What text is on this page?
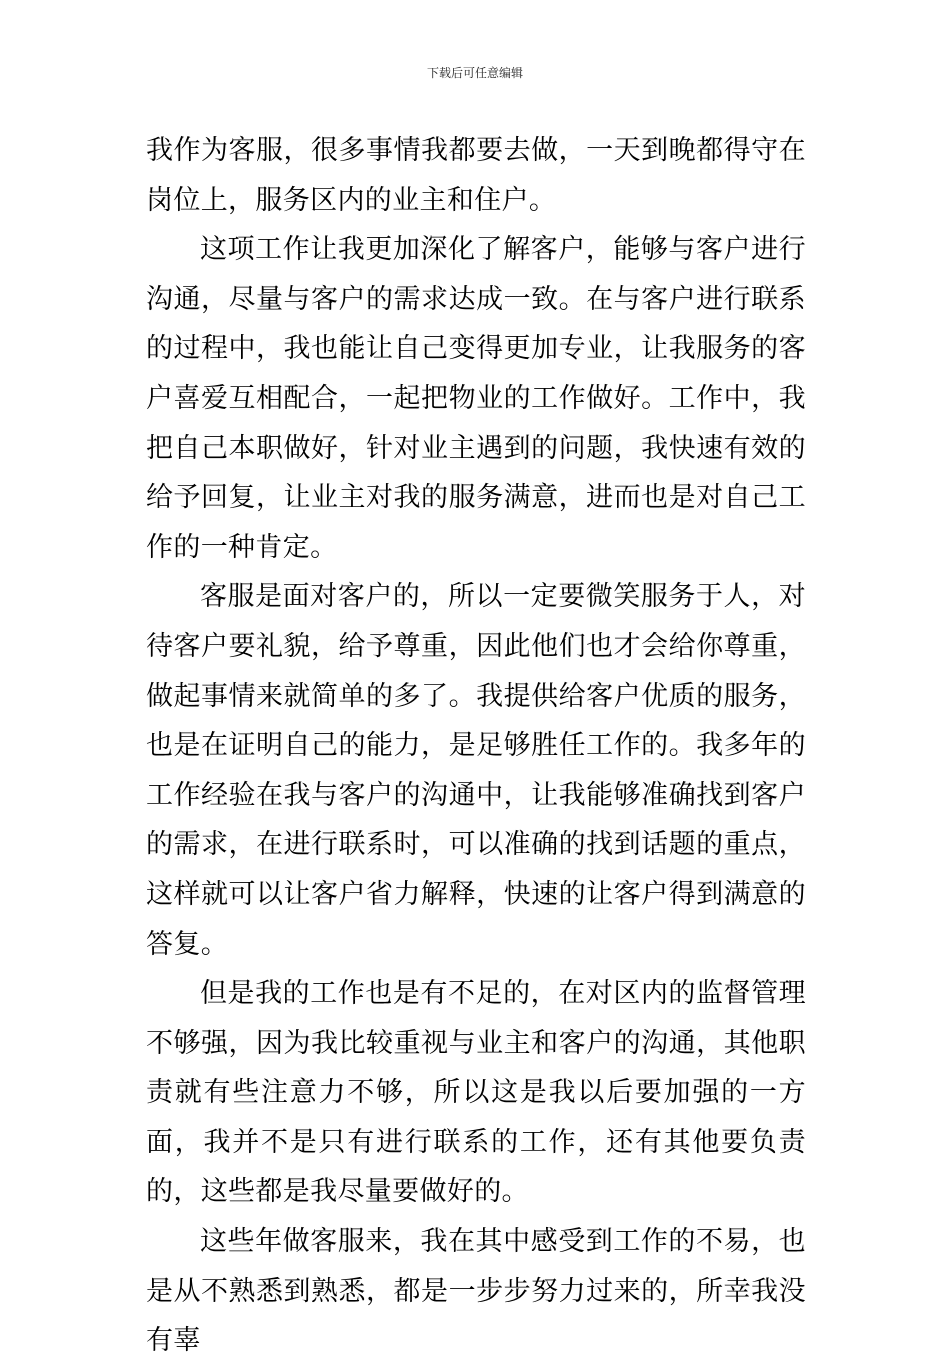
下载后可任意编辑

我作为客服，很多事情我都要去做，一天到晚都得守在岗位上，服务区内的业主和住户。

这项工作让我更加深化了解客户，能够与客户进行沟通，尽量与客户的需求达成一致。在与客户进行联系的过程中，我也能让自己变得更加专业，让我服务的客户喜爱互相配合，一起把物业的工作做好。工作中，我把自己本职做好，针对业主遇到的问题，我快速有效的给予回复，让业主对我的服务满意，进而也是对自己工作的一种肯定。

客服是面对客户的，所以一定要微笑服务于人，对待客户要礼貌，给予尊重，因此他们也才会给你尊重，做起事情来就简单的多了。我提供给客户优质的服务，也是在证明自己的能力，是足够胜任工作的。我多年的工作经验在我与客户的沟通中，让我能够准确找到客户的需求，在进行联系时，可以准确的找到话题的重点，这样就可以让客户省力解释，快速的让客户得到满意的答复。

但是我的工作也是有不足的，在对区内的监督管理不够强，因为我比较重视与业主和客户的沟通，其他职责就有些注意力不够，所以这是我以后要加强的一方面，我并不是只有进行联系的工作，还有其他要负责的，这些都是我尽量要做好的。

这些年做客服来，我在其中感受到工作的不易，也是从不熟悉到熟悉，都是一步步努力过来的，所幸我没有辜
